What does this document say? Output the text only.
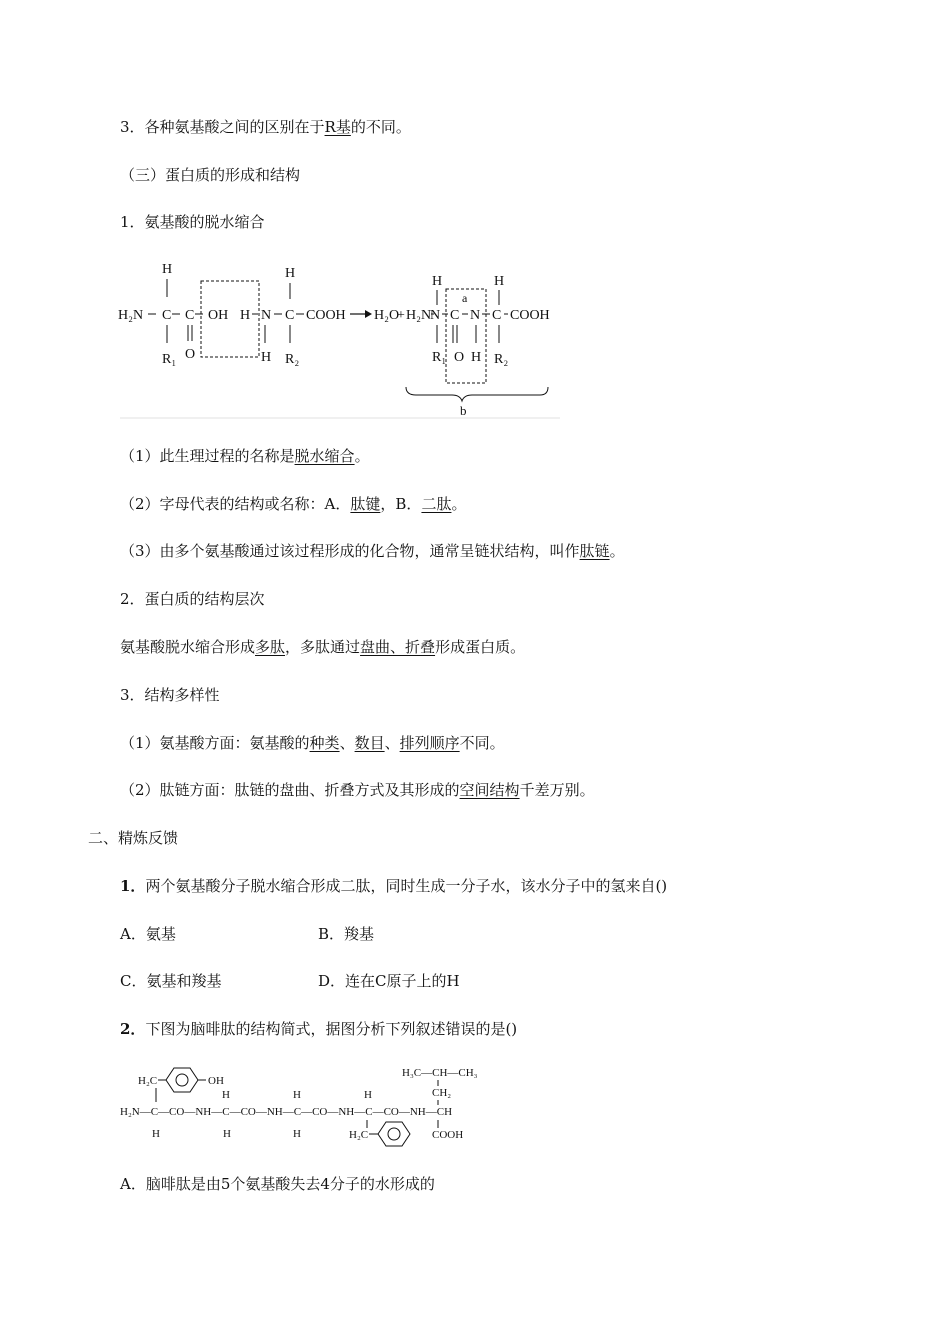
3．各种氨基酸之间的区别在于R基的不同。
（三）蛋白质的形成和结构
1．氨基酸的脱水缩合
H
H₂N C C OH
R₁ O
H N C
H
COOH
H R₂
H₂O
+ H₂N
N
H
R₁
C
O
N
H
C
H
COOH
R₂
a
b
（1）此生理过程的名称是脱水缩合。
（2）字母代表的结构或名称：A．肽键，B．二肽。
（3）由多个氨基酸通过该过程形成的化合物，通常呈链状结构，叫作肽链。
2．蛋白质的结构层次
氨基酸脱水缩合形成多肽，多肽通过盘曲、折叠形成蛋白质。
3．结构多样性
（1）氨基酸方面：氨基酸的种类、数目、排列顺序不同。
（2）肽链方面：肽链的盘曲、折叠方式及其形成的空间结构千差万别。
二、精炼反馈
1．两个氨基酸分子脱水缩合形成二肽，同时生成一分子水，该水分子中的氢来自()
A．氨基	B．羧基
C．氨基和羧基	D．连在C原子上的H
2．下图为脑啡肽的结构简式，据图分析下列叙述错误的是()
H₂C	OH
H	H	H
H₂N—C—CO—NH—C—CO—NH—C—CO—NH—C—CO—NH—CH
H	H	H	H₂C
H₃C—CH—CH₃
CH₂
COOH
A．脑啡肽是由5个氨基酸失去4分子的水形成的
